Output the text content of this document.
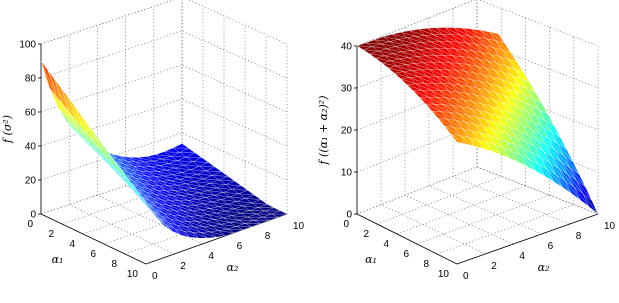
0
20
40
60
80
100
0
2
4
6
8
10 0
2
4
6
8
10
α₁
α₂
f (σ²)
0
10
20
30
40
0
2
4
6
8
10 0
2
4
6
8
10
α₁
α₂
f ((α₁ + α₂)²)
